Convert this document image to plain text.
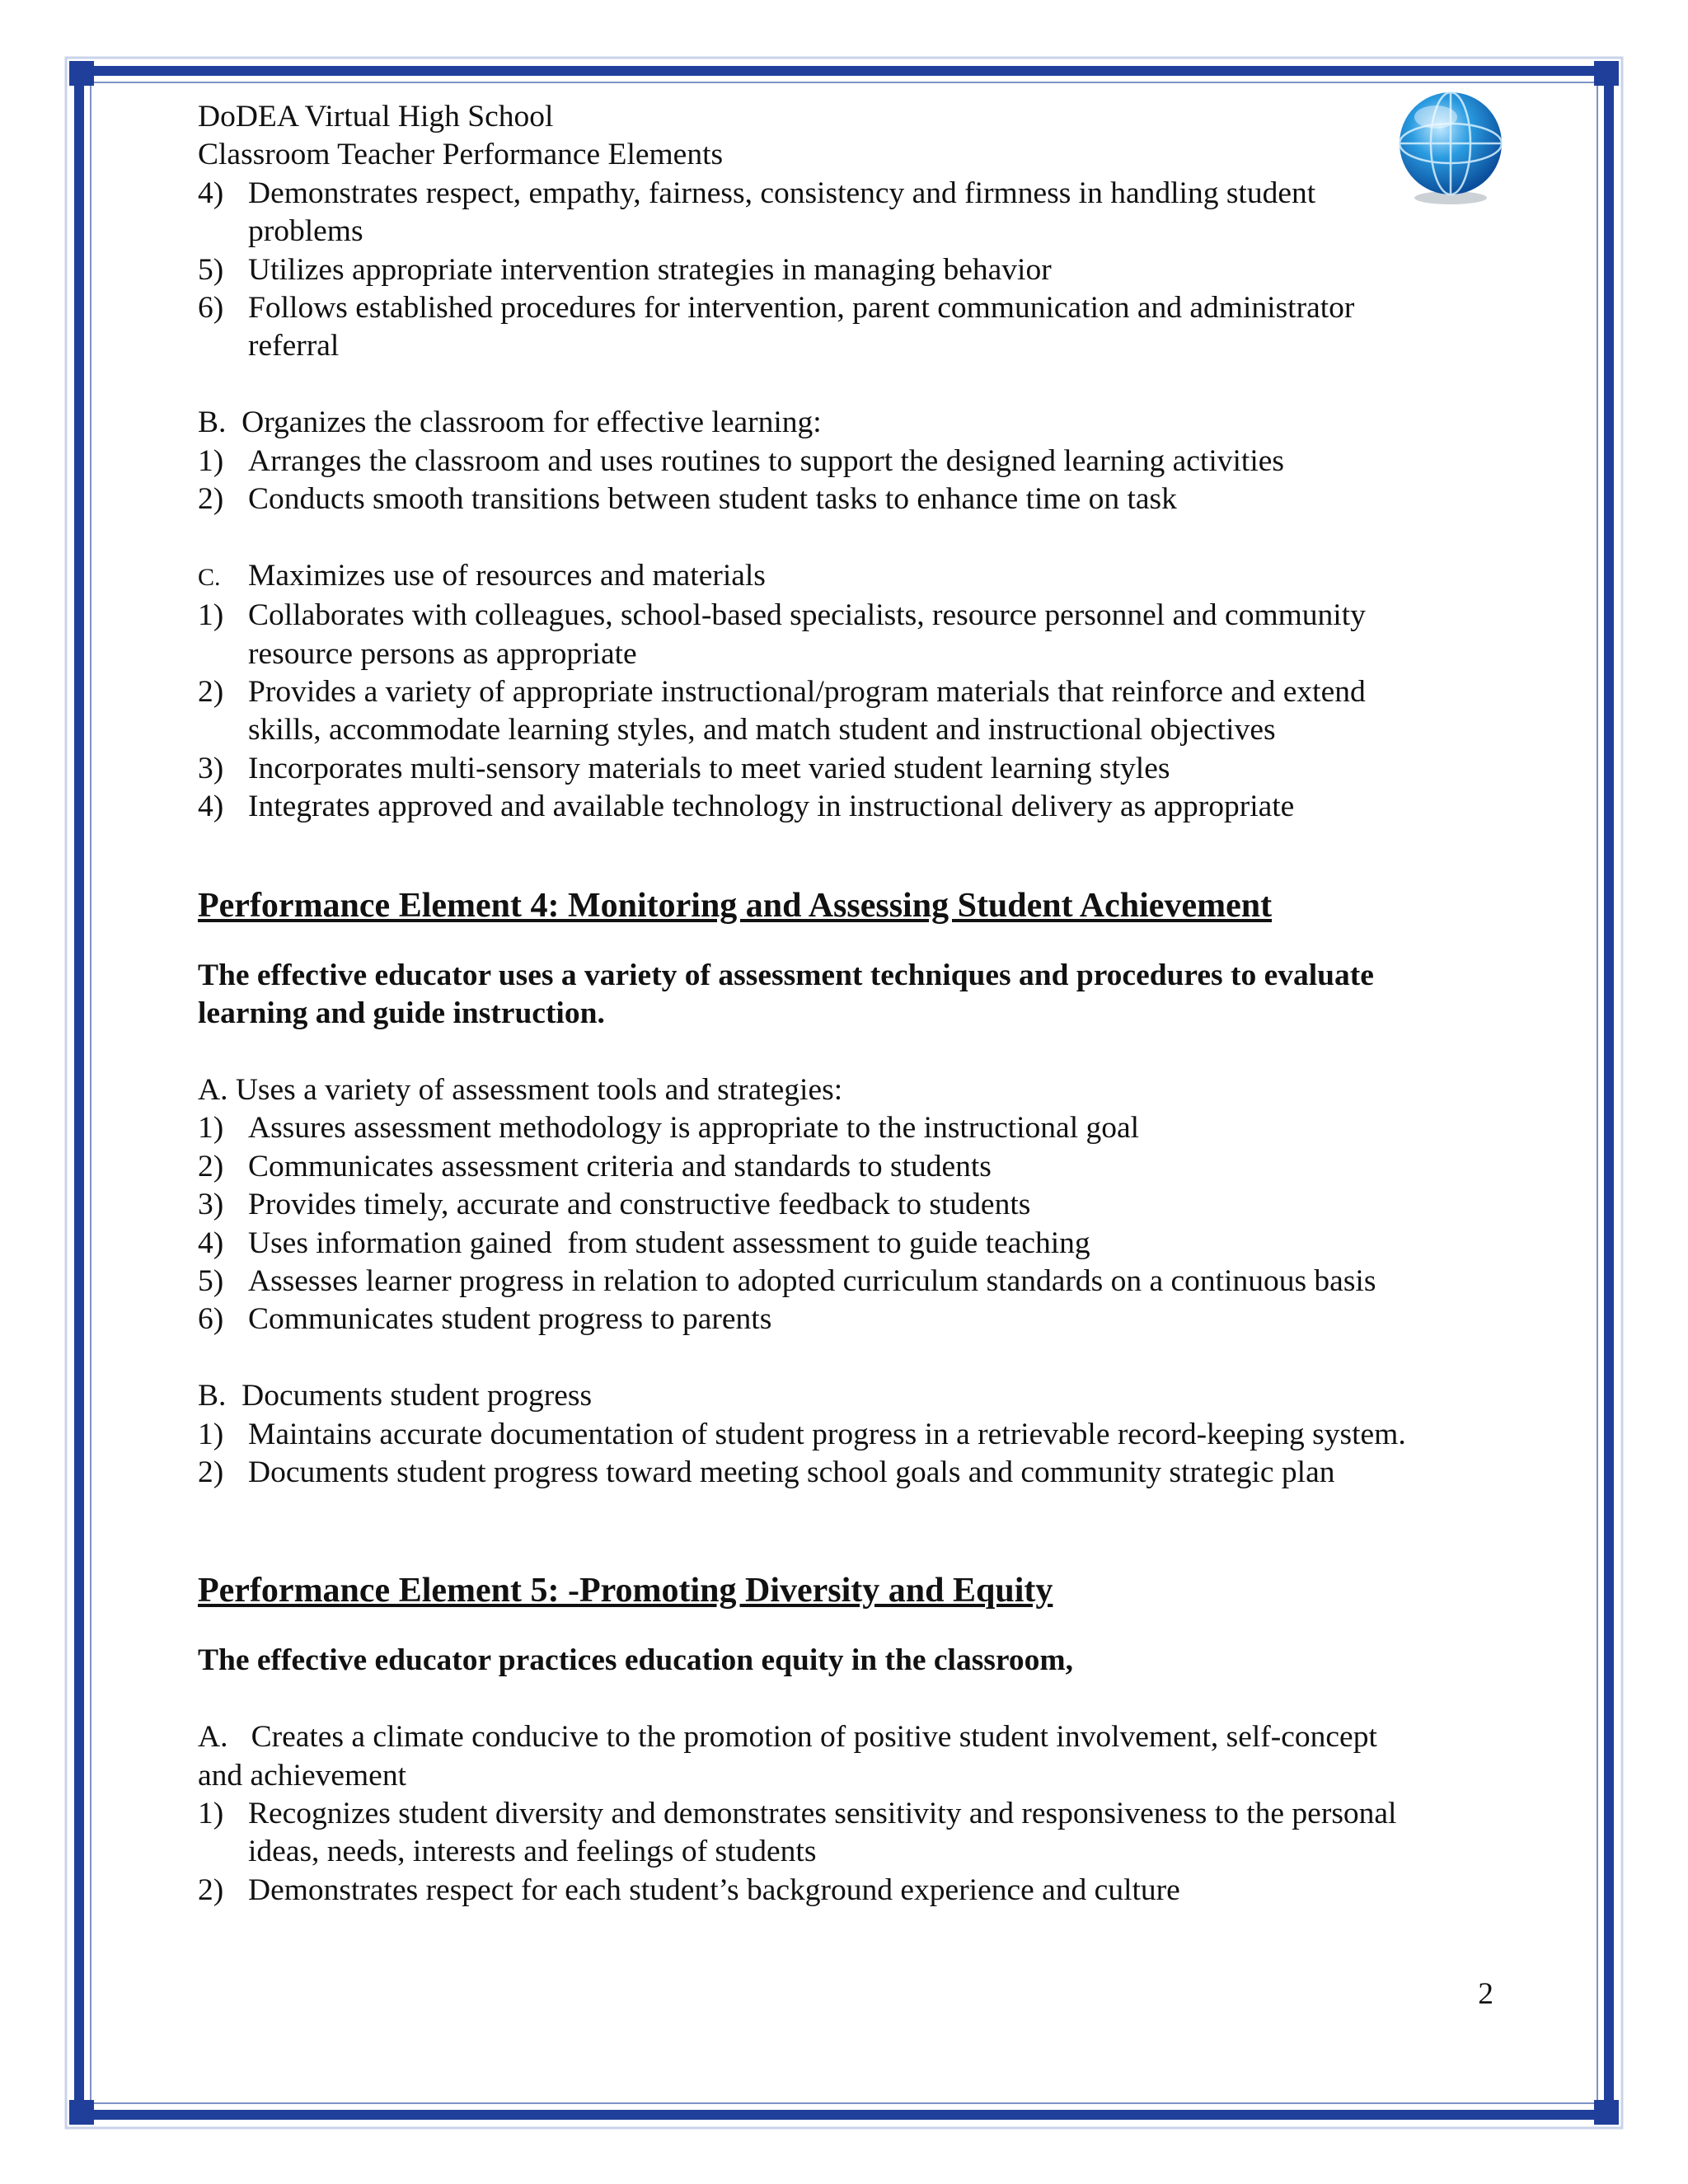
DoDEA Virtual High School

Classroom Teacher Performance Elements

4) Demonstrates respect, empathy, fairness, consistency and firmness in handling student
problems
5) Utilizes appropriate intervention strategies in managing behavior
6) Follows established procedures for intervention, parent communication and administrator
referral

B.  Organizes the classroom for effective learning:

1) Arranges the classroom and uses routines to support the designed learning activities
2) Conducts smooth transitions between student tasks to enhance time on task

C. Maximizes use of resources and materials

1) Collaborates with colleagues, school-based specialists, resource personnel and community
resource persons as appropriate
2) Provides a variety of appropriate instructional/program materials that reinforce and extend
skills, accommodate learning styles, and match student and instructional objectives
3) Incorporates multi-sensory materials to meet varied student learning styles
4) Integrates approved and available technology in instructional delivery as appropriate

Performance Element 4: Monitoring and Assessing Student Achievement

The effective educator uses a variety of assessment techniques and procedures to evaluate
learning and guide instruction.

A. Uses a variety of assessment tools and strategies:

1) Assures assessment methodology is appropriate to the instructional goal
2) Communicates assessment criteria and standards to students
3) Provides timely, accurate and constructive feedback to students
4) Uses information gained  from student assessment to guide teaching
5) Assesses learner progress in relation to adopted curriculum standards on a continuous basis
6) Communicates student progress to parents

B.  Documents student progress

1) Maintains accurate documentation of student progress in a retrievable record-keeping system.
2) Documents student progress toward meeting school goals and community strategic plan

Performance Element 5: -Promoting Diversity and Equity

The effective educator practices education equity in the classroom,

A.   Creates a climate conducive to the promotion of positive student involvement, self-concept
and achievement

1) Recognizes student diversity and demonstrates sensitivity and responsiveness to the personal
ideas, needs, interests and feelings of students
2) Demonstrates respect for each student’s background experience and culture
2
